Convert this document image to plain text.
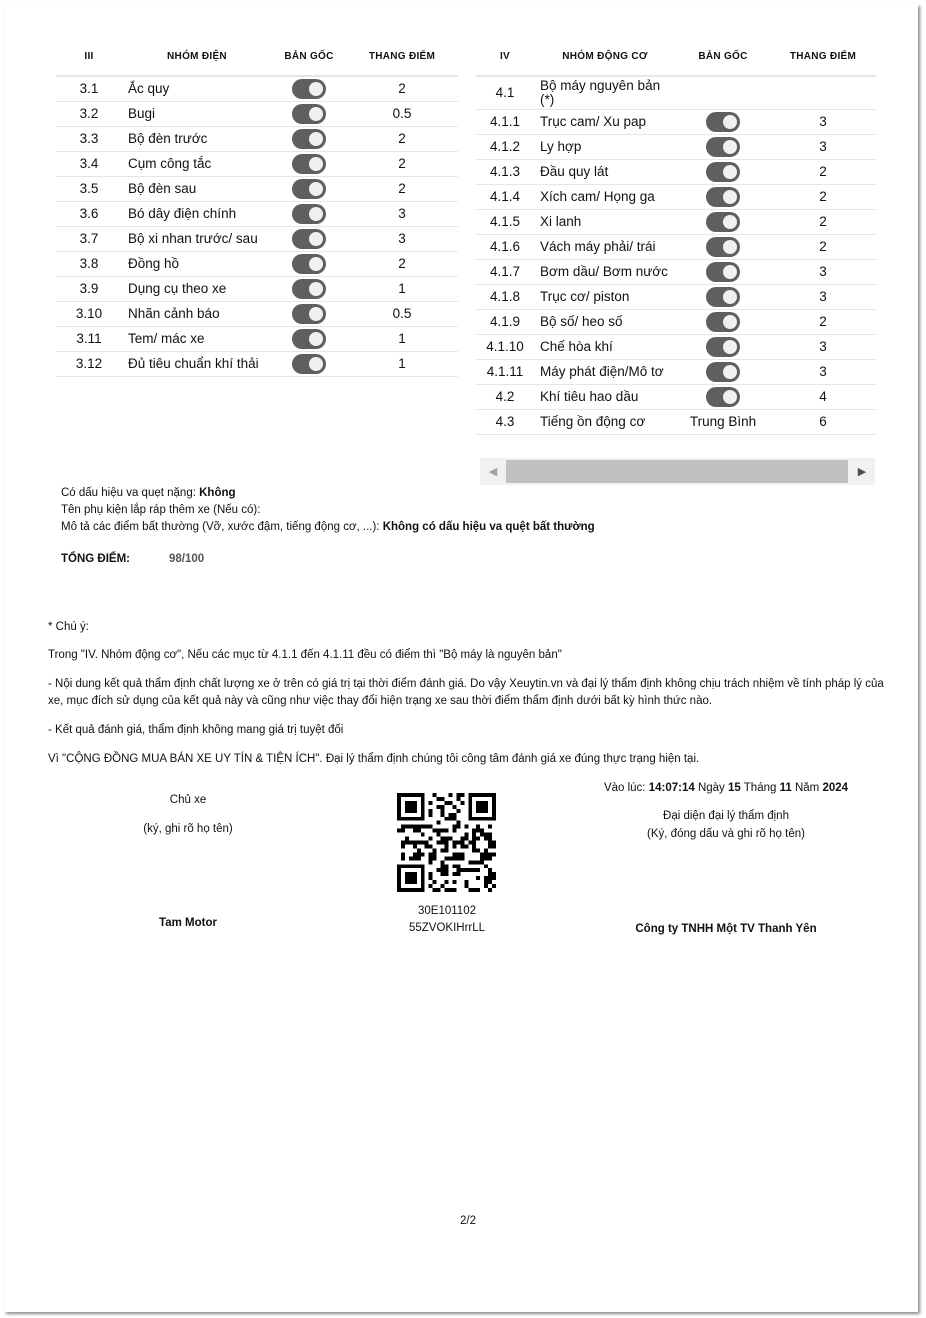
III	NHÓM ĐIỆN	BẢN GỐC	THANG ĐIỂM
3.1	Ắc quy		2
3.2	Bugi		0.5
3.3	Bộ đèn trước		2
3.4	Cụm công tắc		2
3.5	Bộ đèn sau		2
3.6	Bó dây điện chính		3
3.7	Bộ xi nhan trước/ sau		3
3.8	Đồng hồ		2
3.9	Dụng cụ theo xe		1
3.10	Nhãn cảnh báo		0.5
3.11	Tem/ mác xe		1
3.12	Đủ tiêu chuẩn khí thải		1
IV	NHÓM ĐỘNG CƠ	BẢN GỐC	THANG ĐIỂM
4.1	Bộ máy nguyên bản (*)		
4.1.1	Trục cam/ Xu pap		3
4.1.2	Ly hợp		3
4.1.3	Đầu quy lát		2
4.1.4	Xích cam/ Họng ga		2
4.1.5	Xi lanh		2
4.1.6	Vách máy phải/ trái		2
4.1.7	Bơm dầu/ Bơm nước		3
4.1.8	Trục cơ/ piston		3
4.1.9	Bộ số/ heo số		2
4.1.10	Chế hòa khí		3
4.1.11	Máy phát điện/Mô tơ		3
4.2	Khí tiêu hao dầu		4
4.3	Tiếng ồn động cơ	Trung Bình	6
◀	▶
Có dấu hiệu va quẹt nặng: Không
Tên phụ kiện lắp ráp thêm xe (Nếu có):
Mô tả các điểm bất thường (Vỡ, xước đậm, tiếng động cơ, ...): Không có dấu hiệu va quệt bất thường
TỔNG ĐIỂM:	98/100
* Chú ý:
Trong "IV. Nhóm động cơ", Nếu các mục từ 4.1.1 đến 4.1.11 đều có điểm thì "Bộ máy là nguyên bản"
- Nội dung kết quả thẩm định chất lượng xe ở trên có giá trị tại thời điểm đánh giá. Do vậy Xeuytin.vn và đại lý thẩm định không chịu trách nhiệm về tính pháp lý của xe, mục đích sử dụng của kết quả này và cũng như việc thay đổi hiện trạng xe sau thời điểm thẩm định dưới bất kỳ hình thức nào.
- Kết quả đánh giá, thẩm định không mang giá trị tuyệt đối
Vì "CỘNG ĐỒNG MUA BÁN XE UY TÍN & TIỆN ÍCH". Đại lý thẩm định chúng tôi công tâm đánh giá xe đúng thực trạng hiện tại.
Chủ xe
(ký, ghi rõ họ tên)
Tam Motor
Vào lúc: 14:07:14 Ngày 15 Tháng 11 Năm 2024
Đại diện đại lý thẩm định
(Ký, đóng dấu và ghi rõ họ tên)
Công ty TNHH Một TV Thanh Yên
30E101102
55ZVOKIHrrLL
2/2
